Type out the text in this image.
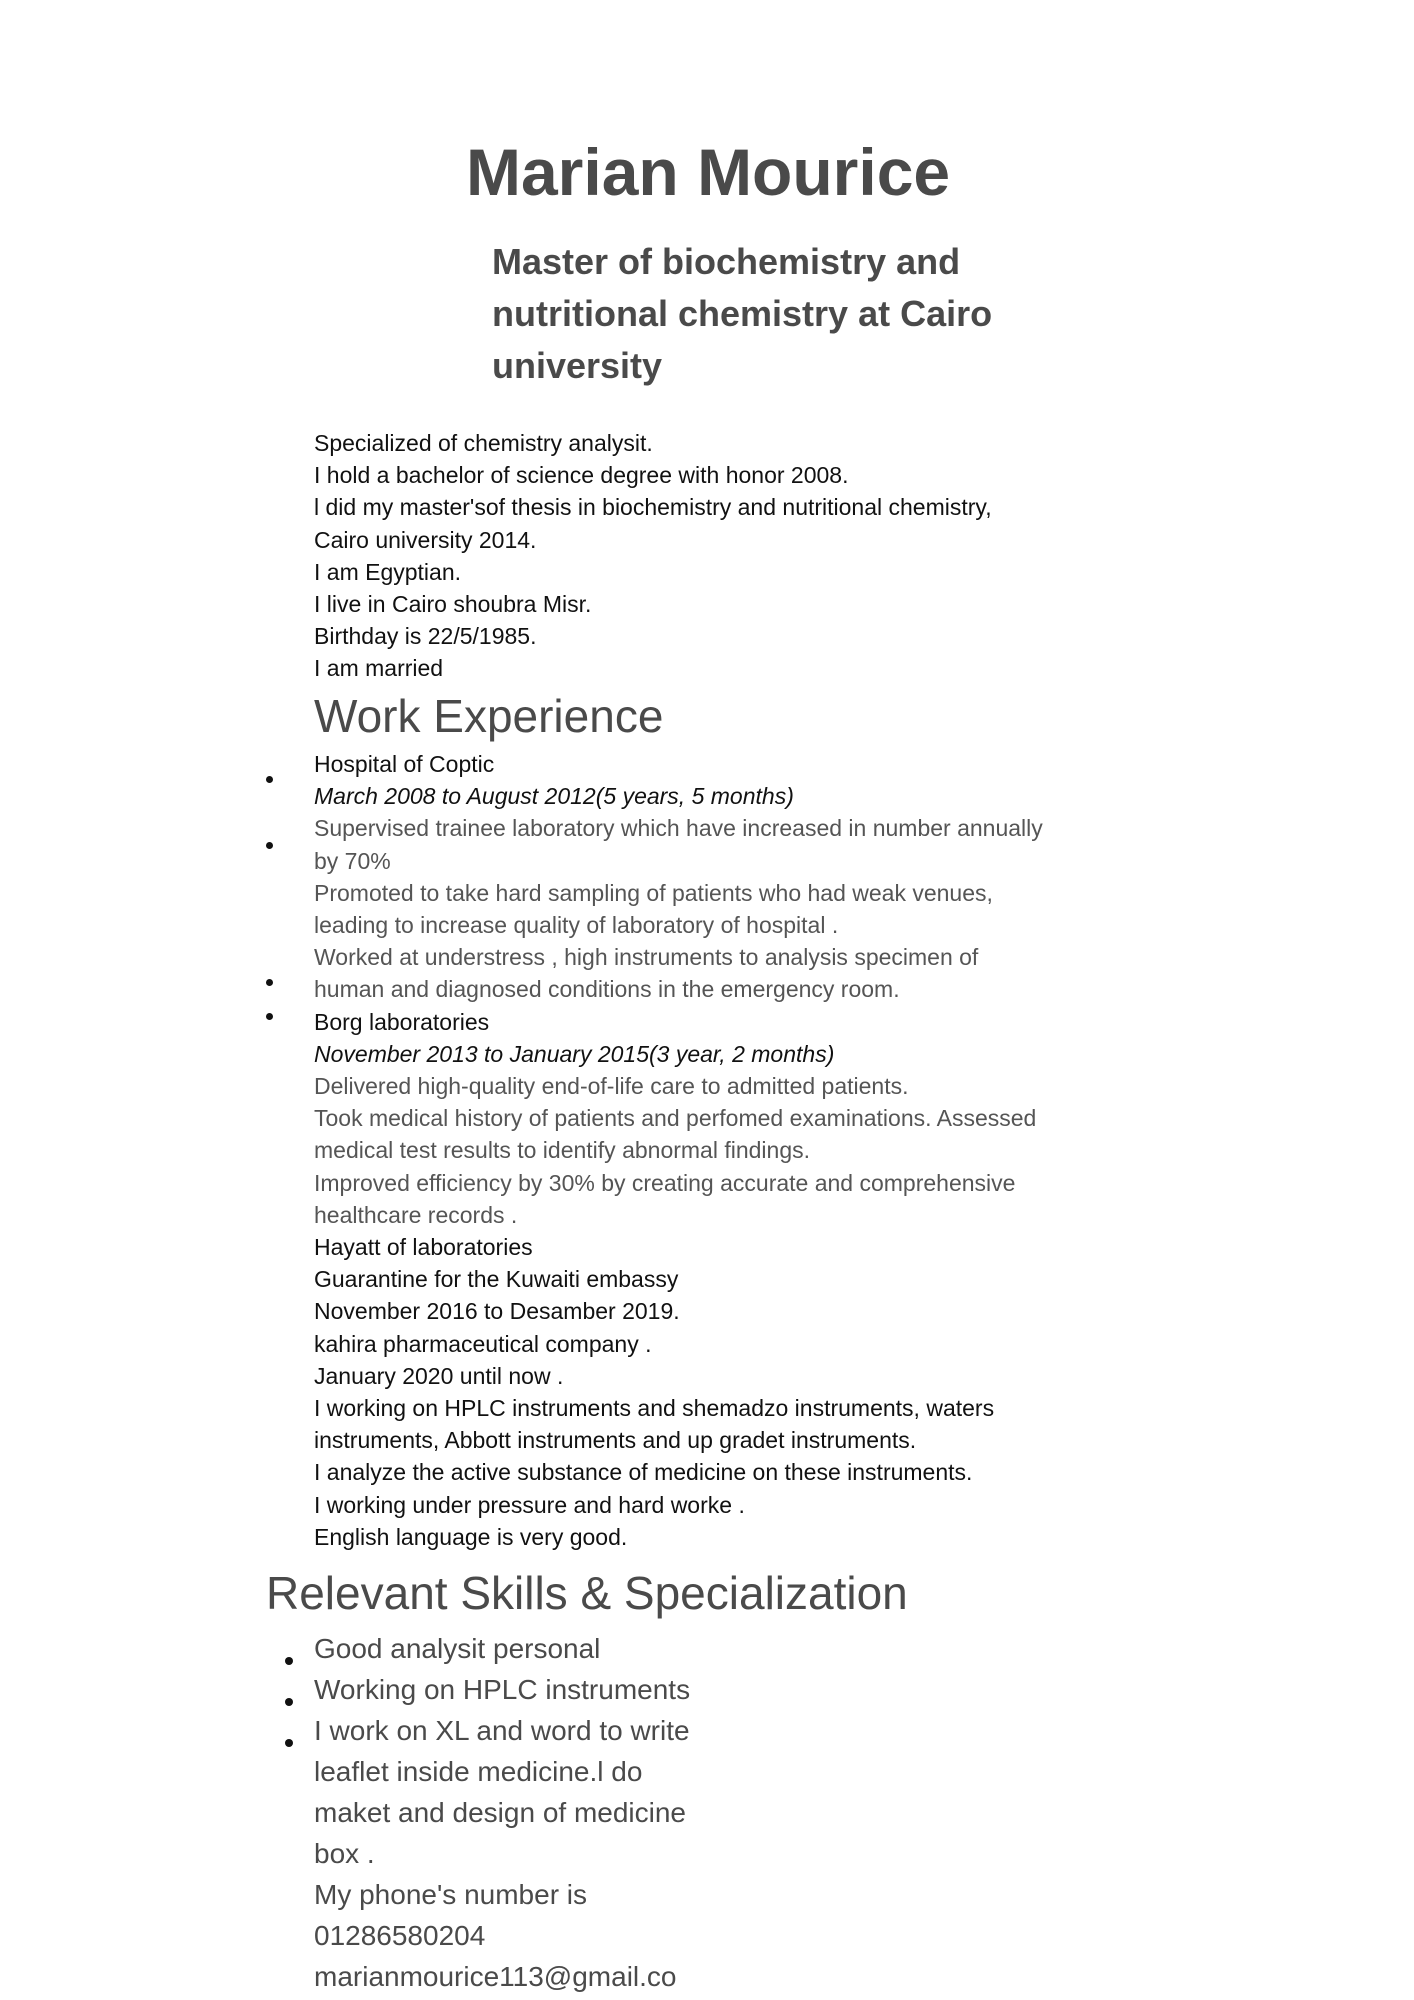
Marian Mourice
Master of biochemistry and
nutritional chemistry at Cairo
university
Specialized of chemistry analysit.
I hold a bachelor of science degree with honor 2008.
l did my master'sof thesis in biochemistry and nutritional chemistry,
Cairo university 2014.
I am Egyptian.
I live in Cairo shoubra Misr.
Birthday is 22/5/1985.
I am married
Work Experience
Hospital of Coptic
March 2008 to August 2012(5 years, 5 months)
Supervised trainee laboratory which have increased in number annually
by 70%
Promoted to take hard sampling of patients who had weak venues,
leading to increase quality of laboratory of hospital .
Worked at understress , high instruments to analysis specimen of
human and diagnosed conditions in the emergency room.
Borg laboratories
November 2013 to January 2015(3 year, 2 months)
Delivered high-quality end-of-life care to admitted patients.
Took medical history of patients and perfomed examinations. Assessed
medical test results to identify abnormal findings.
Improved efficiency by 30% by creating accurate and comprehensive
healthcare records .
Hayatt of laboratories
Guarantine for the Kuwaiti embassy
November 2016 to Desamber 2019.
kahira pharmaceutical company .
January 2020 until now .
I working on HPLC instruments and shemadzo instruments, waters
instruments, Abbott instruments and up gradet instruments.
I analyze the active substance of medicine on these instruments.
I working under pressure and hard worke .
English language is very good.
Relevant Skills & Specialization
Good analysit personal
Working on HPLC instruments
I work on XL and word to write
leaflet inside medicine.l do
maket and design of medicine
box .
My phone's number is
01286580204
marianmourice113@gmail.co
